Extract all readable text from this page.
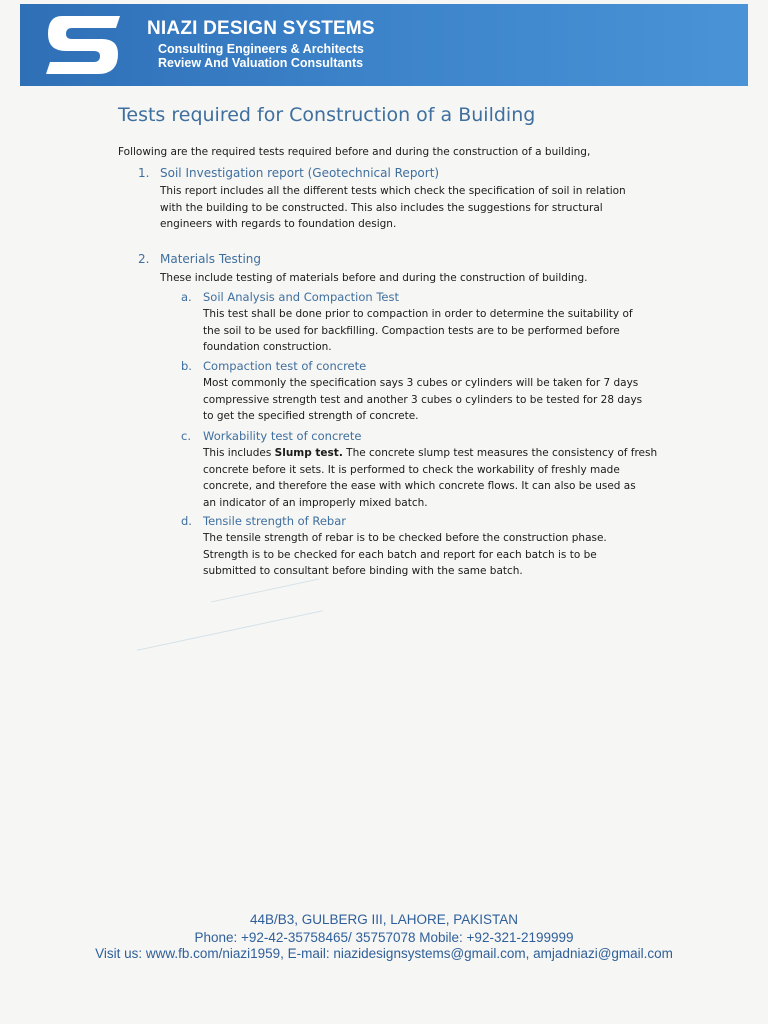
NIAZI DESIGN SYSTEMS
Consulting Engineers & Architects
Review And Valuation Consultants
Tests required for Construction of a Building
Following are the required tests required before and during the construction of a building,
1. Soil Investigation report (Geotechnical Report)
This report includes all the different tests which check the specification of soil in relation
with the building to be constructed. This also includes the suggestions for structural
engineers with regards to foundation design.
2. Materials Testing
These include testing of materials before and during the construction of building.
a. Soil Analysis and Compaction Test
This test shall be done prior to compaction in order to determine the suitability of
the soil to be used for backfilling. Compaction tests are to be performed before
foundation construction.
b. Compaction test of concrete
Most commonly the specification says 3 cubes or cylinders will be taken for 7 days
compressive strength test and another 3 cubes o cylinders to be tested for 28 days
to get the specified strength of concrete.
c. Workability test of concrete
This includes Slump test. The concrete slump test measures the consistency of fresh
concrete before it sets. It is performed to check the workability of freshly made
concrete, and therefore the ease with which concrete flows. It can also be used as
an indicator of an improperly mixed batch.
d. Tensile strength of Rebar
The tensile strength of rebar is to be checked before the construction phase.
Strength is to be checked for each batch and report for each batch is to be
submitted to consultant before binding with the same batch.
44B/B3, GULBERG III, LAHORE, PAKISTAN
Phone: +92-42-35758465/ 35757078 Mobile: +92-321-2199999
Visit us: www.fb.com/niazi1959, E-mail: niazidesignsystems@gmail.com, amjadniazi@gmail.com
